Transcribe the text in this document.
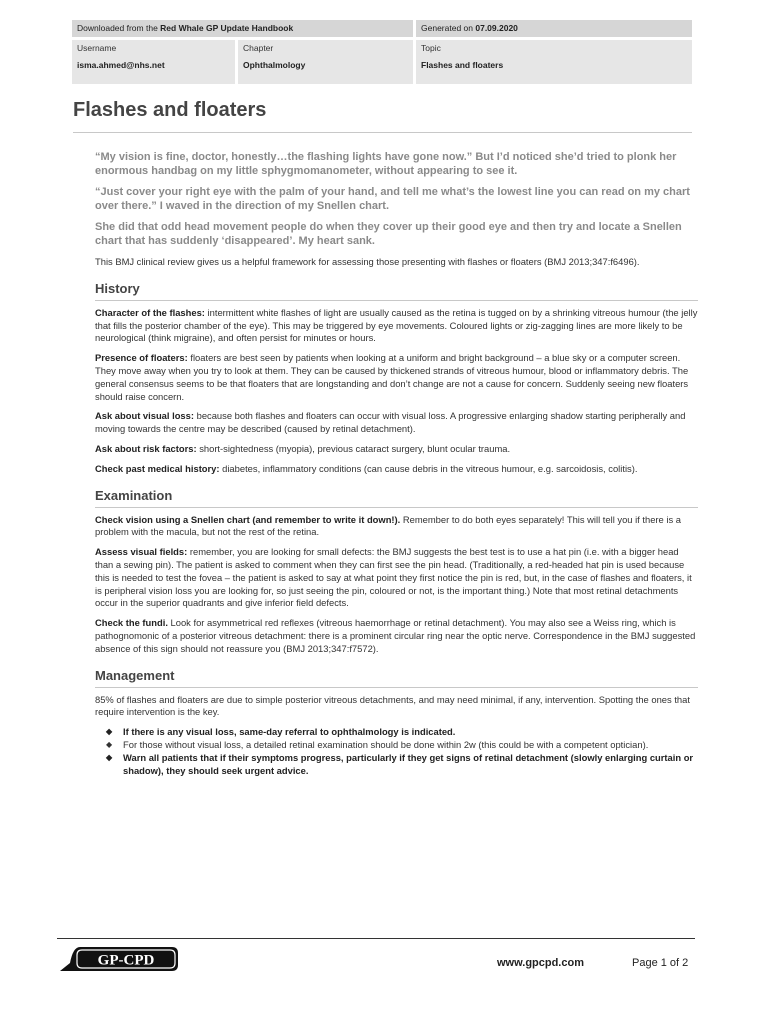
Downloaded from the Red Whale GP Update Handbook	Generated on 07.09.2020
Username
isma.ahmed@nhs.net
Chapter
Ophthalmology
Topic
Flashes and floaters
Flashes and floaters

“My vision is fine, doctor, honestly…the flashing lights have gone now.” But I’d noticed she’d tried to plonk her enormous handbag on my little sphygmomanometer, without appearing to see it.

“Just cover your right eye with the palm of your hand, and tell me what’s the lowest line you can read on my chart over there.” I waved in the direction of my Snellen chart.

She did that odd head movement people do when they cover up their good eye and then try and locate a Snellen chart that has suddenly ‘disappeared’. My heart sank.

This BMJ clinical review gives us a helpful framework for assessing those presenting with flashes or floaters (BMJ 2013;347:f6496).

History

Character of the flashes: intermittent white flashes of light are usually caused as the retina is tugged on by a shrinking vitreous humour (the jelly that fills the posterior chamber of the eye). This may be triggered by eye movements. Coloured lights or zig-zagging lines are more likely to be neurological (think migraine), and often persist for minutes or hours.

Presence of floaters: floaters are best seen by patients when looking at a uniform and bright background – a blue sky or a computer screen. They move away when you try to look at them. They can be caused by thickened strands of vitreous humour, blood or inflammatory debris. The general consensus seems to be that floaters that are longstanding and don’t change are not a cause for concern. Suddenly seeing new floaters should raise concern.

Ask about visual loss: because both flashes and floaters can occur with visual loss. A progressive enlarging shadow starting peripherally and moving towards the centre may be described (caused by retinal detachment).

Ask about risk factors: short-sightedness (myopia), previous cataract surgery, blunt ocular trauma.

Check past medical history: diabetes, inflammatory conditions (can cause debris in the vitreous humour, e.g. sarcoidosis, colitis).

Examination

Check vision using a Snellen chart (and remember to write it down!). Remember to do both eyes separately! This will tell you if there is a problem with the macula, but not the rest of the retina.

Assess visual fields: remember, you are looking for small defects: the BMJ suggests the best test is to use a hat pin (i.e. with a bigger head than a sewing pin). The patient is asked to comment when they can first see the pin head. (Traditionally, a red-headed hat pin is used because this is needed to test the fovea – the patient is asked to say at what point they first notice the pin is red, but, in the case of flashes and floaters, it is peripheral vision loss you are looking for, so just seeing the pin, coloured or not, is the important thing.) Note that most retinal detachments occur in the superior quadrants and give inferior field defects.

Check the fundi. Look for asymmetrical red reflexes (vitreous haemorrhage or retinal detachment). You may also see a Weiss ring, which is pathognomonic of a posterior vitreous detachment: there is a prominent circular ring near the optic nerve. Correspondence in the BMJ suggested absence of this sign should not reassure you (BMJ 2013;347:f7572).

Management

85% of flashes and floaters are due to simple posterior vitreous detachments, and may need minimal, if any, intervention. Spotting the ones that require intervention is the key.

◆ If there is any visual loss, same-day referral to ophthalmology is indicated.
◆ For those without visual loss, a detailed retinal examination should be done within 2w (this could be with a competent optician).
◆ Warn all patients that if their symptoms progress, particularly if they get signs of retinal detachment (slowly enlarging curtain or shadow), they should seek urgent advice.
GP-CPD	www.gpcpd.com	Page 1 of 2
